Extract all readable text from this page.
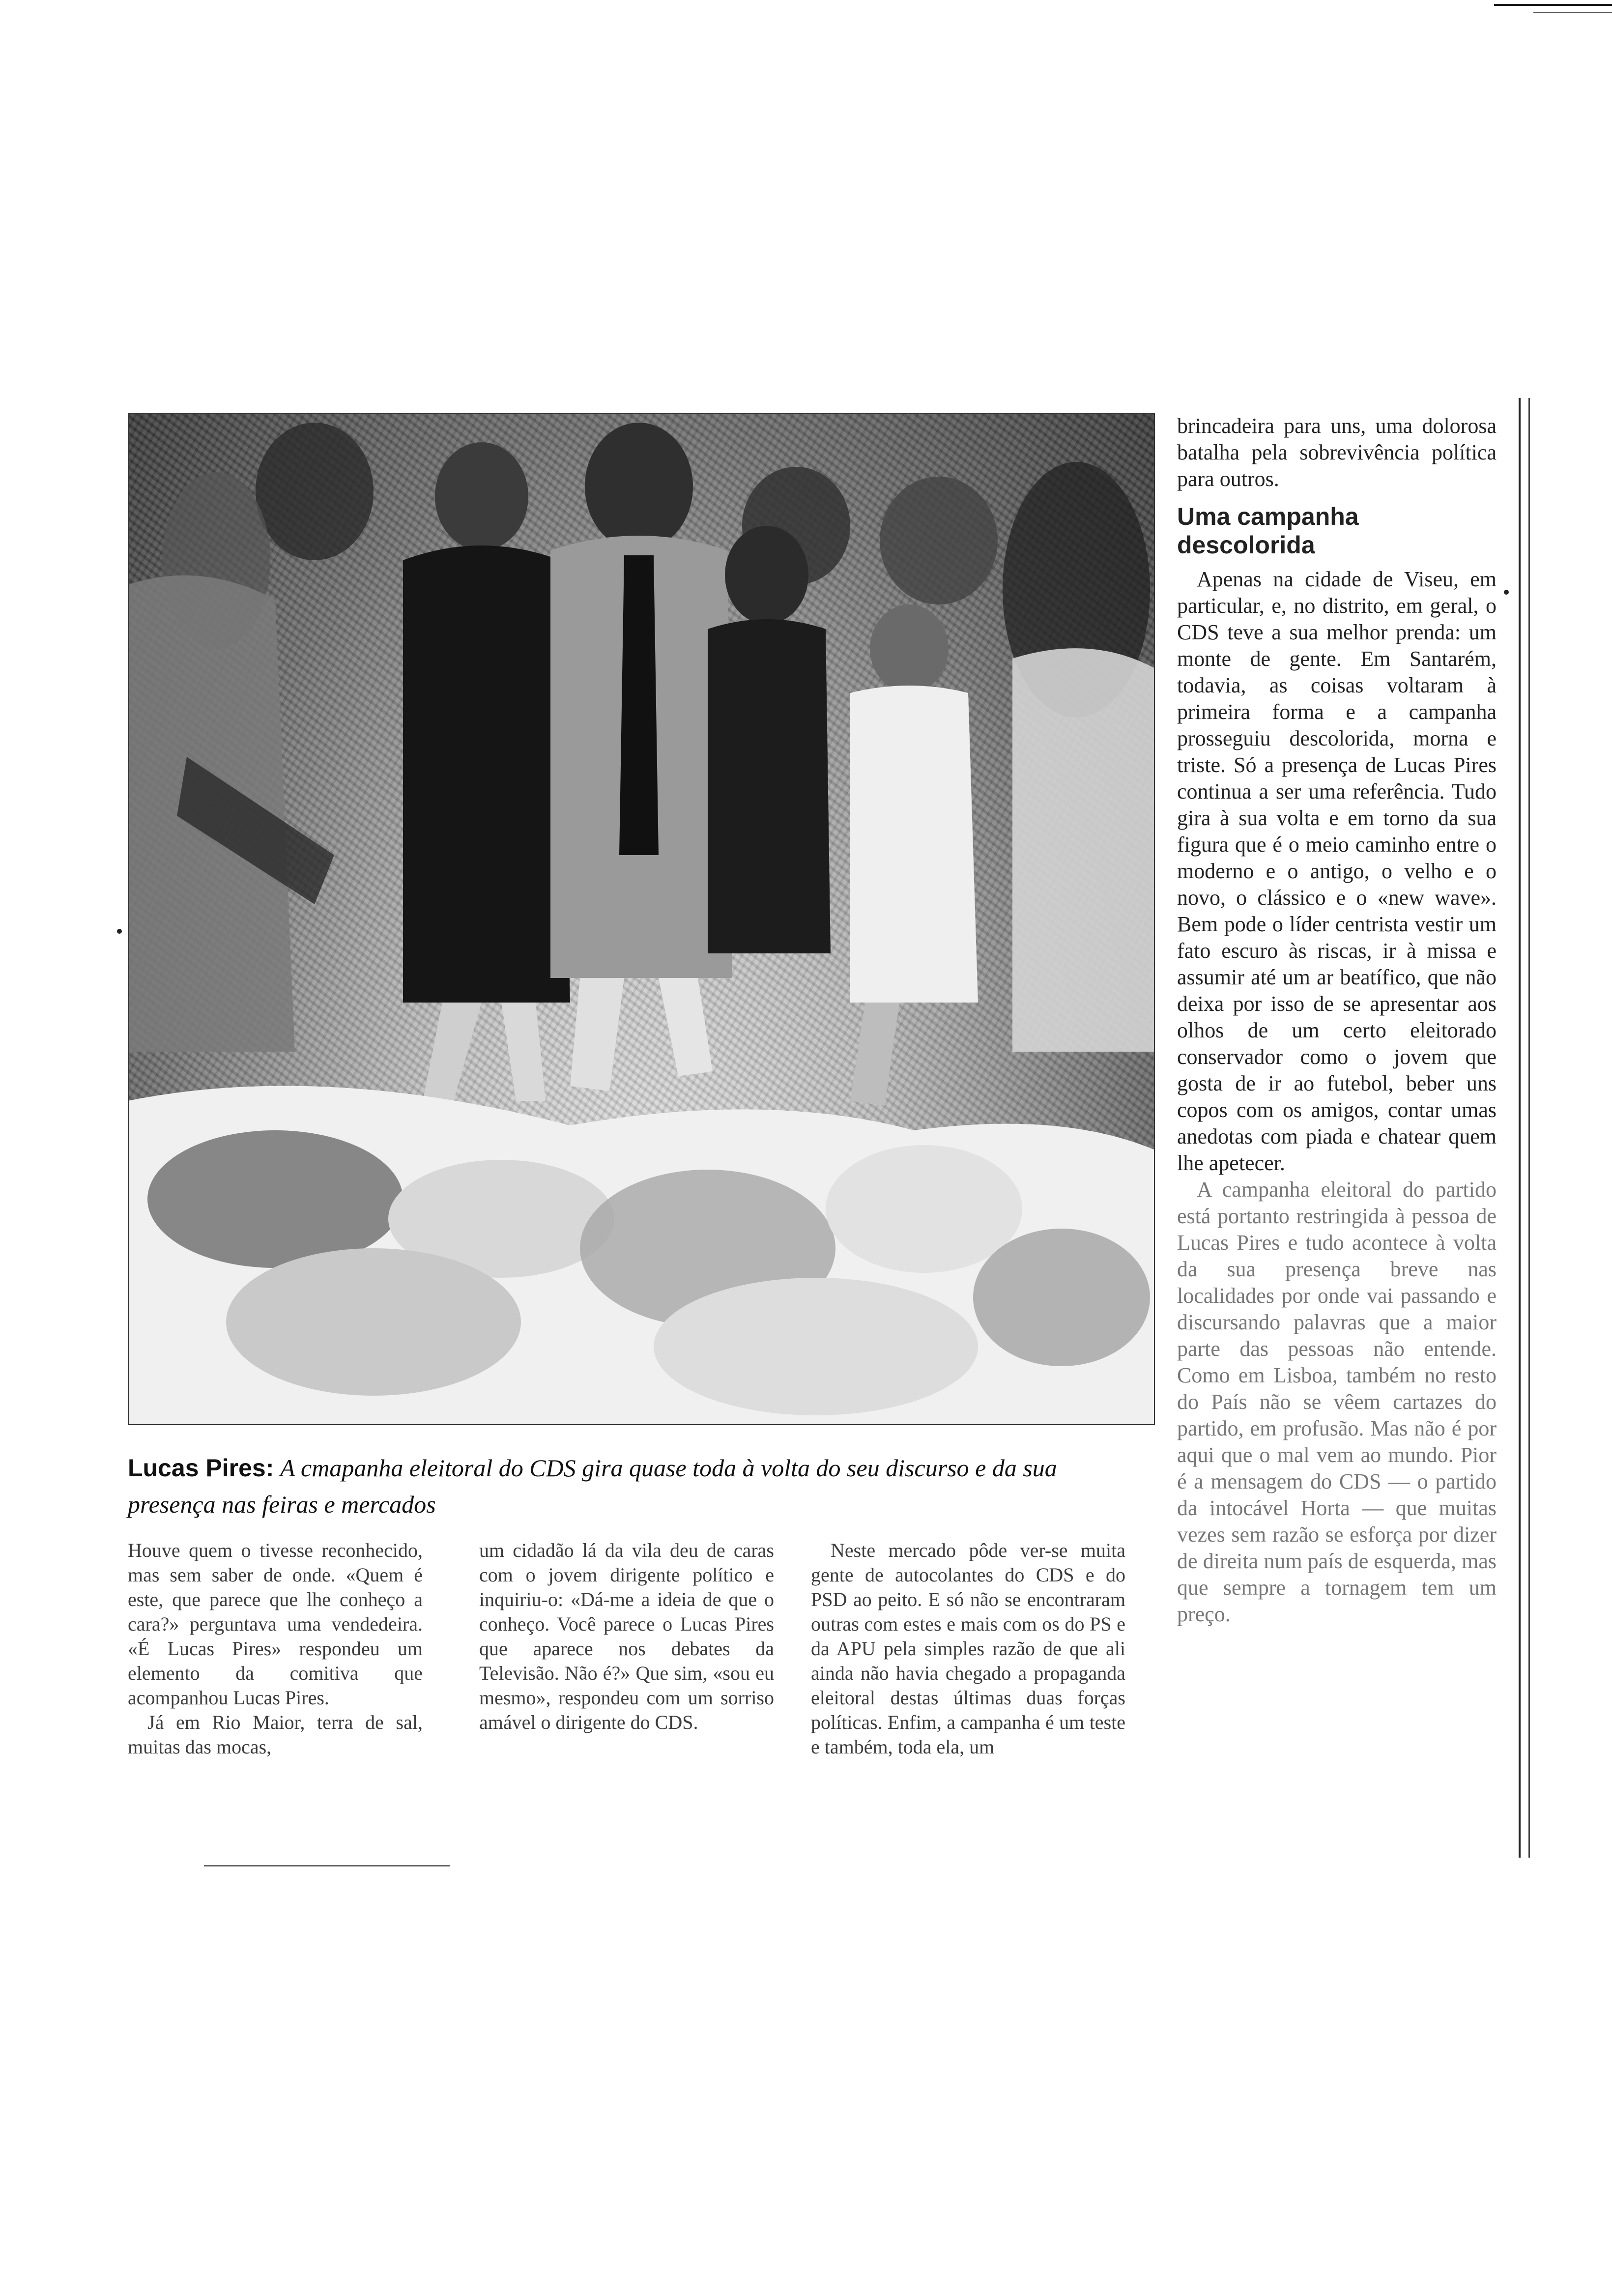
Lucas Pires: A cmapanha eleitoral do CDS gira quase toda à volta do seu discurso e da sua presença nas feiras e mercados

Houve quem o tivesse reconhecido, mas sem saber de onde. «Quem é este, que parece que lhe conheço a cara?» perguntava uma vendedeira. «É Lucas Pires» respondeu um elemento da comitiva que acompanhou Lucas Pires.

Já em Rio Maior, terra de sal, muitas das mocas,

um cidadão lá da vila deu de caras com o jovem dirigente político e inquiriu-o: «Dá-me a ideia de que o conheço. Você parece o Lucas Pires que aparece nos debates da Televisão. Não é?» Que sim, «sou eu mesmo», respondeu com um sorriso amável o dirigente do CDS.

Neste mercado pôde ver-se muita gente de autocolantes do CDS e do PSD ao peito. E só não se encontraram outras com estes e mais com os do PS e da APU pela simples razão de que ali ainda não havia chegado a propaganda eleitoral destas últimas duas forças políticas. Enfim, a campanha é um teste e também, toda ela, um

brincadeira para uns, uma dolorosa batalha pela sobrevivência política para outros.

Uma campanha
descolorida

Apenas na cidade de Viseu, em particular, e, no distrito, em geral, o CDS teve a sua melhor prenda: um monte de gente. Em Santarém, todavia, as coisas voltaram à primeira forma e a campanha prosseguiu descolorida, morna e triste. Só a presença de Lucas Pires continua a ser uma referência. Tudo gira à sua volta e em torno da sua figura que é o meio caminho entre o moderno e o antigo, o velho e o novo, o clássico e o «new wave». Bem pode o líder centrista vestir um fato escuro às riscas, ir à missa e assumir até um ar beatífico, que não deixa por isso de se apresentar aos olhos de um certo eleitorado conservador como o jovem que gosta de ir ao futebol, beber uns copos com os amigos, contar umas anedotas com piada e chatear quem lhe apetecer.

A campanha eleitoral do partido está portanto restringida à pessoa de Lucas Pires e tudo acontece à volta da sua presença breve nas localidades por onde vai passando e discursando palavras que a maior parte das pessoas não entende. Como em Lisboa, também no resto do País não se vêem cartazes do partido, em profusão. Mas não é por aqui que o mal vem ao mundo. Pior é a mensagem do CDS — o partido da intocável Horta — que muitas vezes sem razão se esforça por dizer de direita num país de esquerda, mas que sempre a tornagem tem um preço.
